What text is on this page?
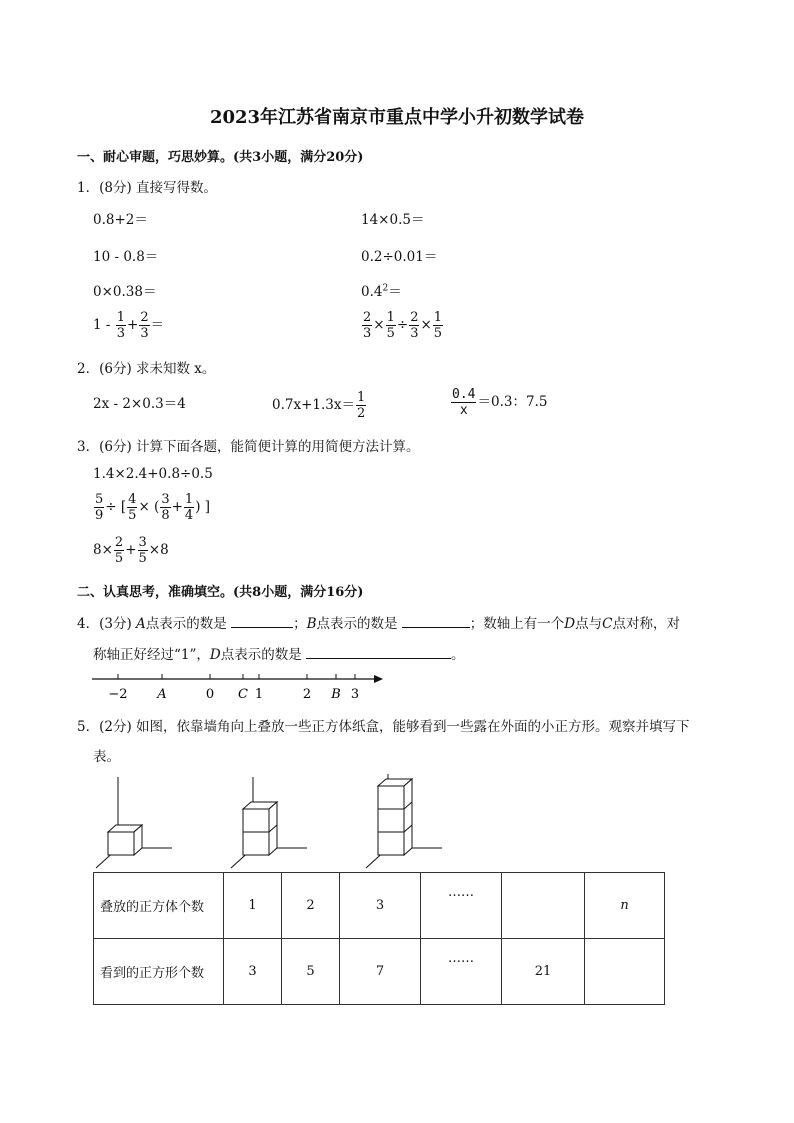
2023年江苏省南京市重点中学小升初数学试卷
一、耐心审题，巧思妙算。(共3小题，满分20分)
1．(8分) 直接写得数。
0.8+2＝	14×0.5＝
10 - 0.8＝	0.2÷0.01＝
0×0.38＝	$0.4^2=$
$1 - \frac{1}{3} + \frac{2}{3}$ ＝	$\frac{2}{3} \times \frac{1}{5} \div \frac{2}{3} \times \frac{1}{5}$
2．(6分) 求未知数 x。
2x - 2×0.3＝4	$0.7x+1.3x= \frac{1}{2}$	$\frac{0.4}{x} =0.3$：7.5
3．(6分) 计算下面各题，能简便计算的用简便方法计算。
1.4×2.4+0.8÷0.5
$\frac{5}{9}$ ÷ [ $\frac{4}{5}$ × ( $\frac{3}{8} + \frac{1}{4}$ ) ]
$8\times \frac{2}{5} + \frac{3}{5} \times 8$
二、认真思考，准确填空。(共8小题，满分16分)
4．(3分) A点表示的数是	；B点表示的数是	；数轴上有一个D点与C点对称，对
称轴正好经过“1”，D点表示的数是	。
−2 A	0 C 1	2 B 3
5．(2分) 如图，依靠墙角向上叠放一些正方体纸盒，能够看到一些露在外面的小正方形。观察并填写下
表。
叠放的正方体个数	1	2	3	……		n
看到的正方形个数	3	5	7	……	21	
